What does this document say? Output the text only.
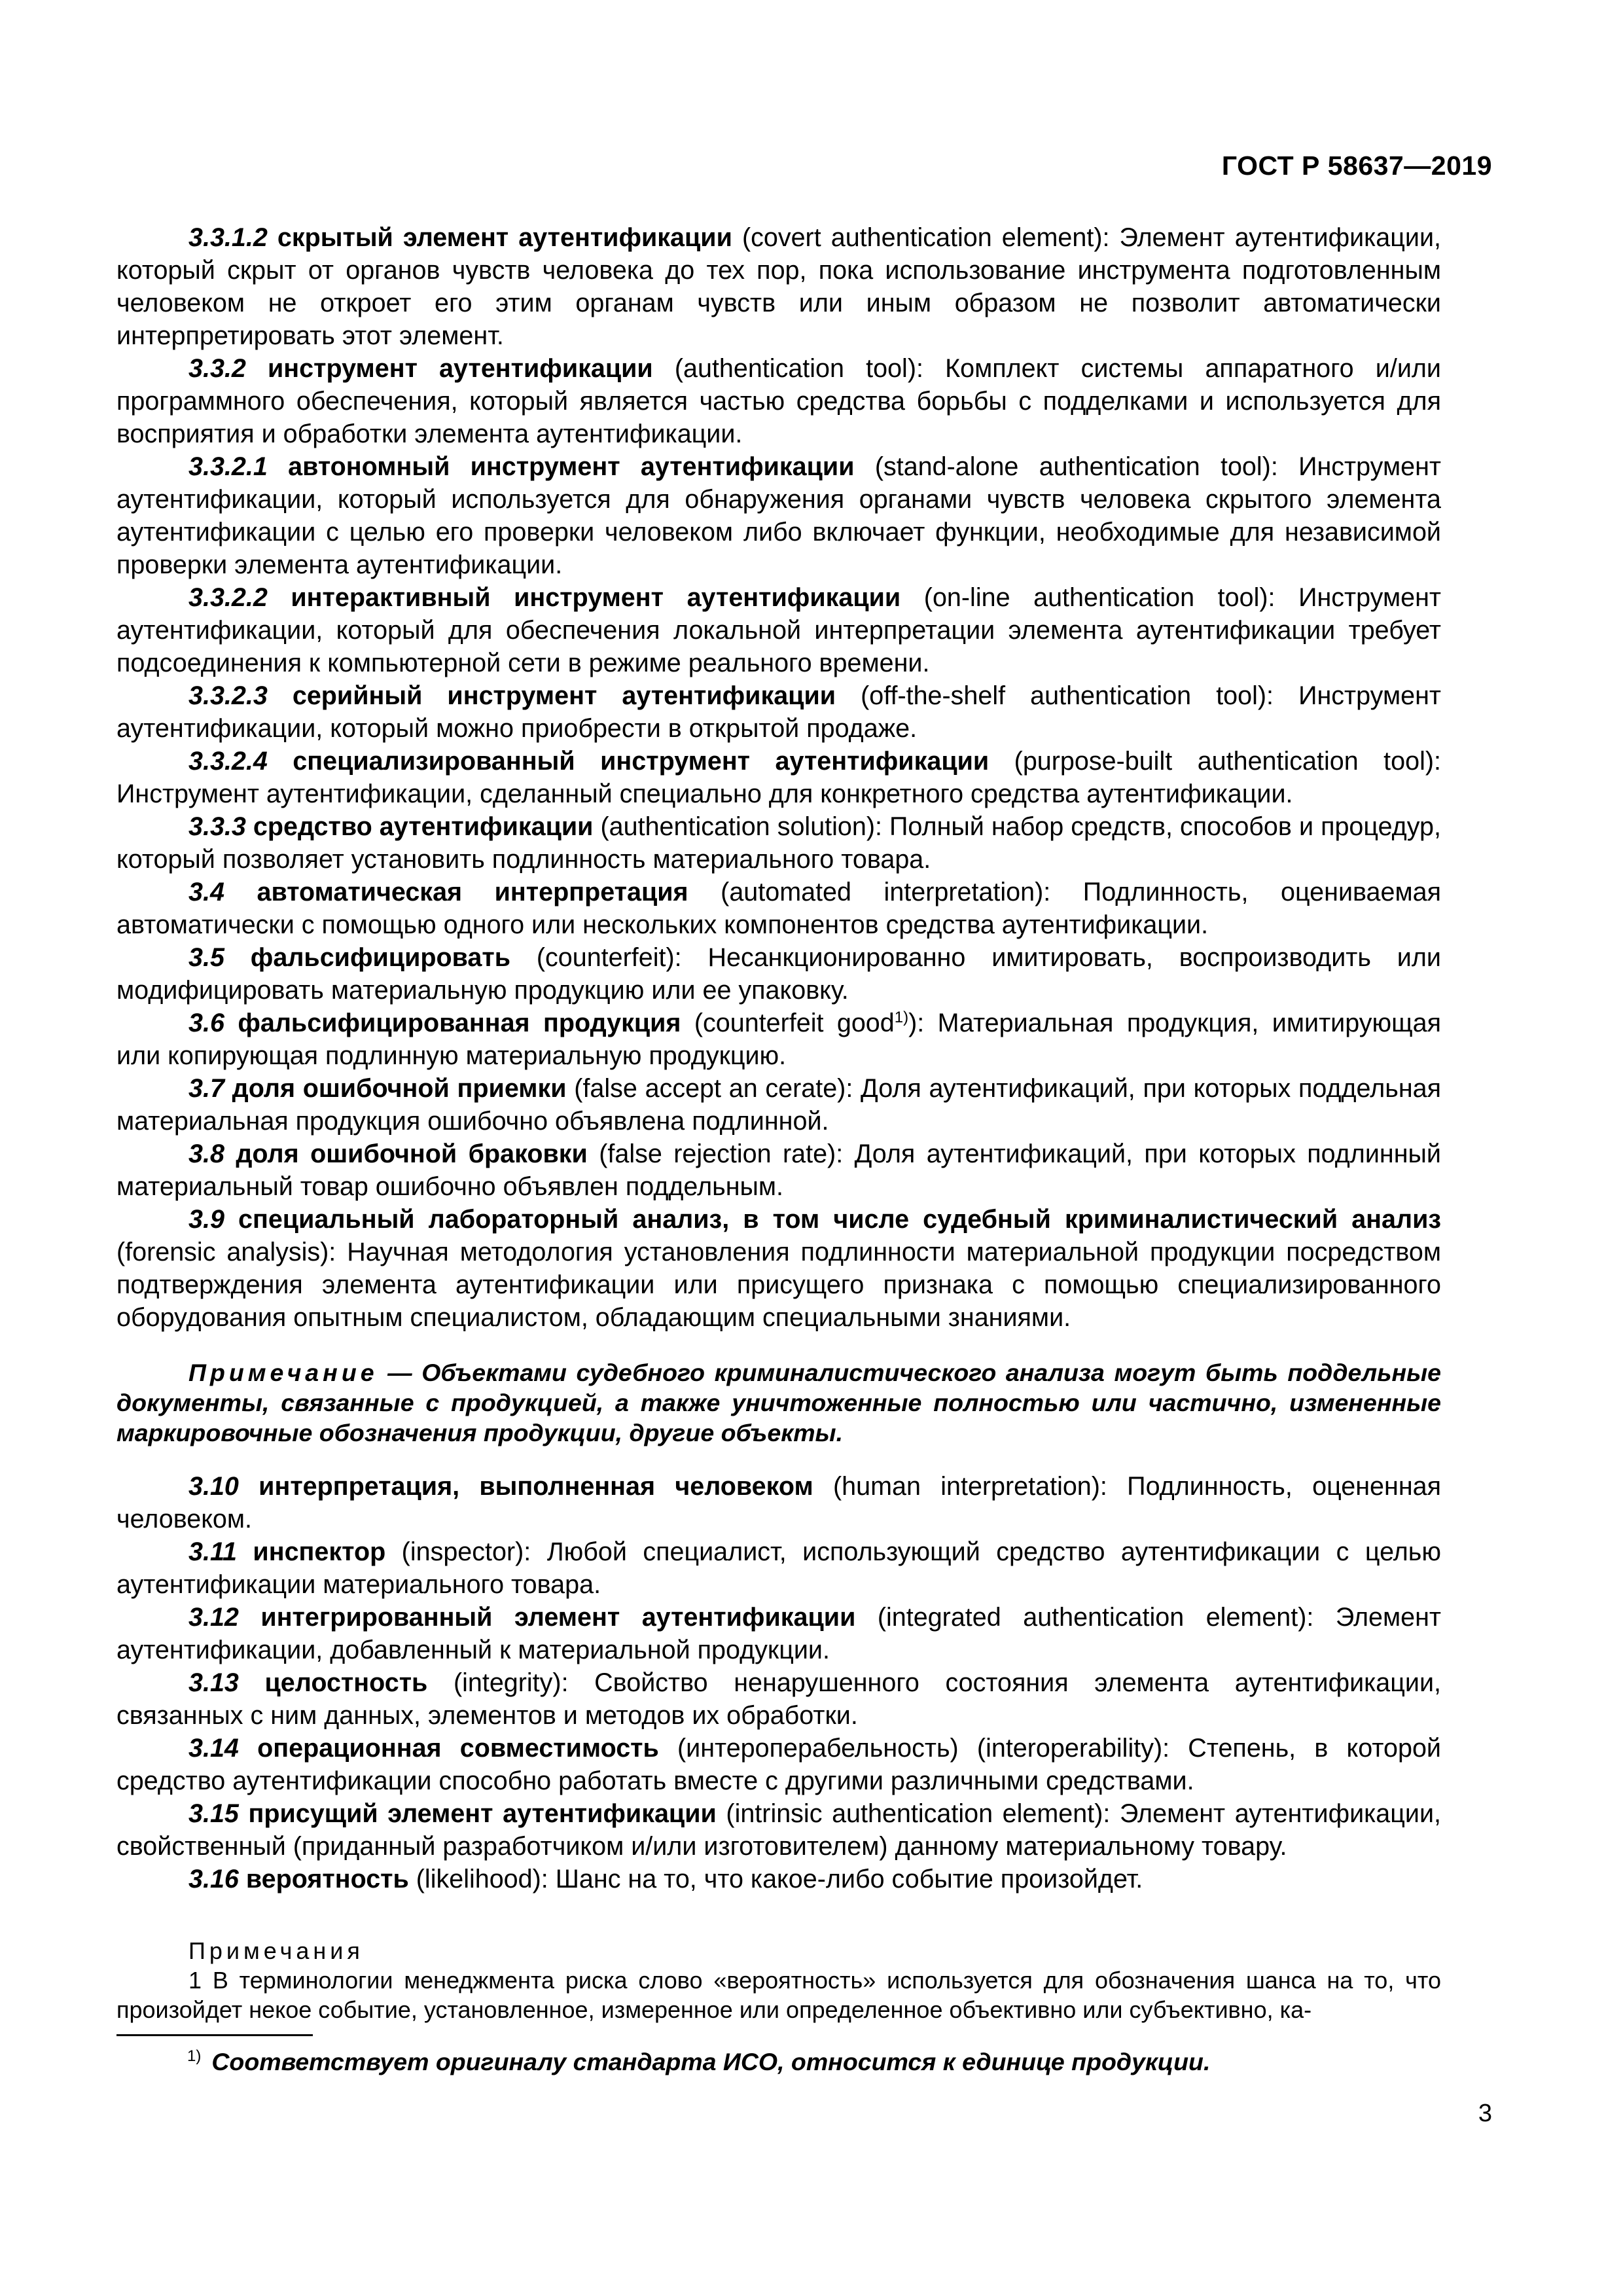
ГОСТ Р 58637—2019

3.3.1.2 скрытый элемент аутентификации (covert authentication element): Элемент аутентификации, который скрыт от органов чувств человека до тех пор, пока использование инструмента подготовленным человеком не откроет его этим органам чувств или иным образом не позволит автоматически интерпретировать этот элемент.

3.3.2 инструмент аутентификации (authentication tool): Комплект системы аппаратного и/или программного обеспечения, который является частью средства борьбы с подделками и используется для восприятия и обработки элемента аутентификации.

3.3.2.1 автономный инструмент аутентификации (stand-alone authentication tool): Инструмент аутентификации, который используется для обнаружения органами чувств человека скрытого элемента аутентификации с целью его проверки человеком либо включает функции, необходимые для независимой проверки элемента аутентификации.

3.3.2.2 интерактивный инструмент аутентификации (on-line authentication tool): Инструмент аутентификации, который для обеспечения локальной интерпретации элемента аутентификации требует подсоединения к компьютерной сети в режиме реального времени.

3.3.2.3 серийный инструмент аутентификации (off-the-shelf authentication tool): Инструмент аутентификации, который можно приобрести в открытой продаже.

3.3.2.4 специализированный инструмент аутентификации (purpose-built authentication tool): Инструмент аутентификации, сделанный специально для конкретного средства аутентификации.

3.3.3 средство аутентификации (authentication solution): Полный набор средств, способов и процедур, который позволяет установить подлинность материального товара.

3.4 автоматическая интерпретация (automated interpretation): Подлинность, оцениваемая автоматически с помощью одного или нескольких компонентов средства аутентификации.

3.5 фальсифицировать (counterfeit): Несанкционированно имитировать, воспроизводить или модифицировать материальную продукцию или ее упаковку.

3.6 фальсифицированная продукция (counterfeit good$^{1)}$): Материальная продукция, имитирующая или копирующая подлинную материальную продукцию.

3.7 доля ошибочной приемки (false accept an cerate): Доля аутентификаций, при которых поддельная материальная продукция ошибочно объявлена подлинной.

3.8 доля ошибочной браковки (false rejection rate): Доля аутентификаций, при которых подлинный материальный товар ошибочно объявлен поддельным.

3.9 специальный лабораторный анализ, в том числе судебный криминалистический анализ (forensic analysis): Научная методология установления подлинности материальной продукции посредством подтверждения элемента аутентификации или присущего признака с помощью специализированного оборудования опытным специалистом, обладающим специальными знаниями.

Примечание — Объектами судебного криминалистического анализа могут быть поддельные документы, связанные с продукцией, а также уничтоженные полностью или частично, измененные маркировочные обозначения продукции, другие объекты.

3.10 интерпретация, выполненная человеком (human interpretation): Подлинность, оцененная человеком.

3.11 инспектор (inspector): Любой специалист, использующий средство аутентификации с целью аутентификации материального товара.

3.12 интегрированный элемент аутентификации (integrated authentication element): Элемент аутентификации, добавленный к материальной продукции.

3.13 целостность (integrity): Свойство ненарушенного состояния элемента аутентификации, связанных с ним данных, элементов и методов их обработки.

3.14 операционная совместимость (интероперабельность) (interoperability): Степень, в которой средство аутентификации способно работать вместе с другими различными средствами.

3.15 присущий элемент аутентификации (intrinsic authentication element): Элемент аутентификации, свойственный (приданный разработчиком и/или изготовителем) данному материальному товару.

3.16 вероятность (likelihood): Шанс на то, что какое-либо событие произойдет.

Примечания
1 В терминологии менеджмента риска слово «вероятность» используется для обозначения шанса на то, что произойдет некое событие, установленное, измеренное или определенное объективно или субъективно, ка-
$^{1)}$ Соответствует оригиналу стандарта ИСО, относится к единице продукции.
3
